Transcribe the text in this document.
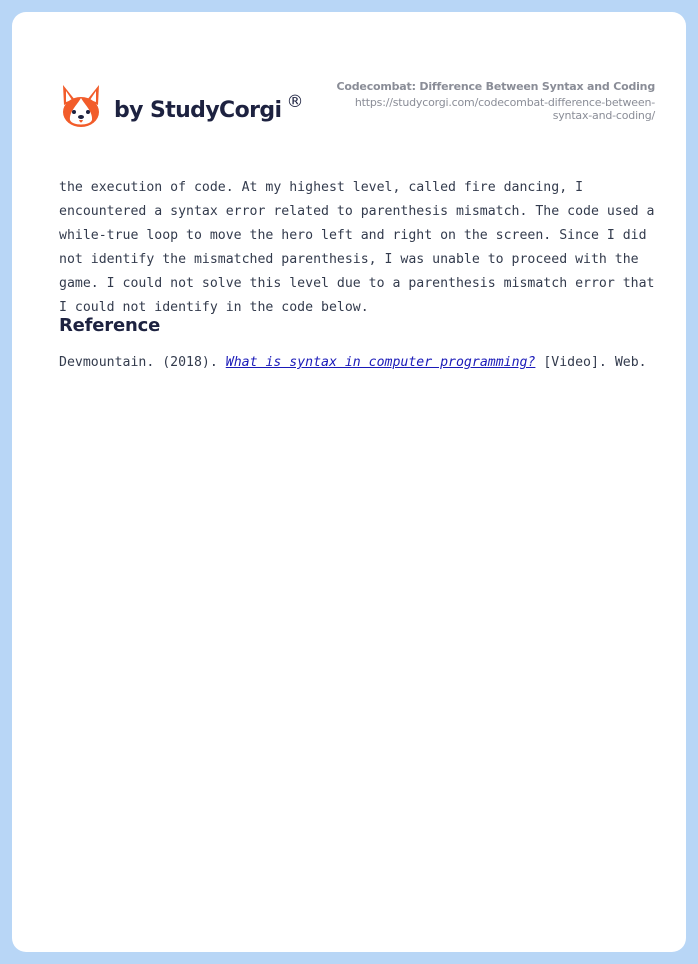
by StudyCorgi ®
Codecombat: Difference Between Syntax and Coding
https://studycorgi.com/codecombat-difference-between-
syntax-and-coding/

the execution of code. At my highest level, called fire dancing, I encountered a syntax error related to parenthesis mismatch. The code used a while-true loop to move the hero left and right on the screen. Since I did not identify the mismatched parenthesis, I was unable to proceed with the game. I could not solve this level due to a parenthesis mismatch error that I could not identify in the code below.

Reference

Devmountain. (2018). What is syntax in computer programming? [Video]. Web.
